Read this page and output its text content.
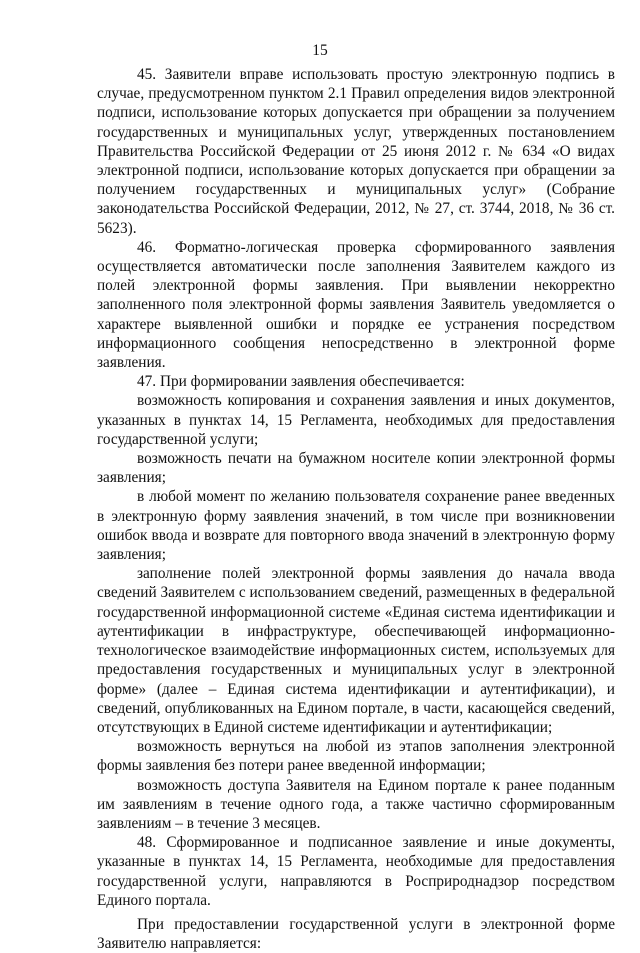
15

45. Заявители вправе использовать простую электронную подпись в случае, предусмотренном пунктом 2.1 Правил определения видов электронной подписи, использование которых допускается при обращении за получением государственных и муниципальных услуг, утвержденных постановлением Правительства Российской Федерации от 25 июня 2012 г. № 634 «О видах электронной подписи, использование которых допускается при обращении за получением государственных и муниципальных услуг» (Собрание законодательства Российской Федерации, 2012, № 27, ст. 3744, 2018, № 36 ст. 5623).

46. Форматно-логическая проверка сформированного заявления осуществляется автоматически после заполнения Заявителем каждого из полей электронной формы заявления. При выявлении некорректно заполненного поля электронной формы заявления Заявитель уведомляется о характере выявленной ошибки и порядке ее устранения посредством информационного сообщения непосредственно в электронной форме заявления.

47. При формировании заявления обеспечивается:

возможность копирования и сохранения заявления и иных документов, указанных в пунктах 14, 15 Регламента, необходимых для предоставления государственной услуги;

возможность печати на бумажном носителе копии электронной формы заявления;

в любой момент по желанию пользователя сохранение ранее введенных в электронную форму заявления значений, в том числе при возникновении ошибок ввода и возврате для повторного ввода значений в электронную форму заявления;

заполнение полей электронной формы заявления до начала ввода сведений Заявителем с использованием сведений, размещенных в федеральной государственной информационной системе «Единая система идентификации и аутентификации в инфраструктуре, обеспечивающей информационно-технологическое взаимодействие информационных систем, используемых для предоставления государственных и муниципальных услуг в электронной форме» (далее – Единая система идентификации и аутентификации), и сведений, опубликованных на Едином портале, в части, касающейся сведений, отсутствующих в Единой системе идентификации и аутентификации;

возможность вернуться на любой из этапов заполнения электронной формы заявления без потери ранее введенной информации;

возможность доступа Заявителя на Едином портале к ранее поданным им заявлениям в течение одного года, а также частично сформированным заявлениям – в течение 3 месяцев.

48. Сформированное и подписанное заявление и иные документы, указанные в пунктах 14, 15 Регламента, необходимые для предоставления государственной услуги, направляются в Росприроднадзор посредством Единого портала.

При предоставлении государственной услуги в электронной форме Заявителю направляется:
